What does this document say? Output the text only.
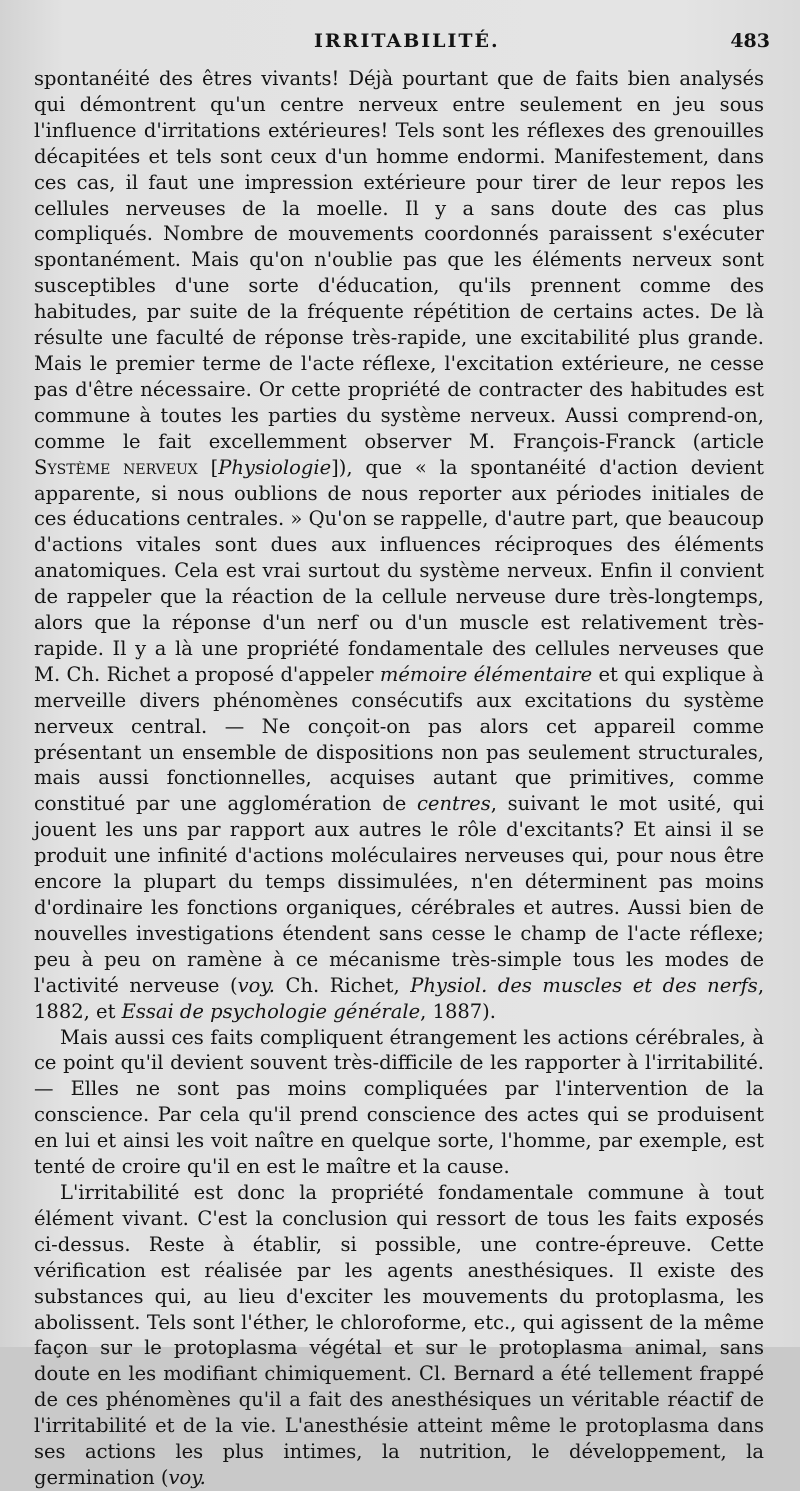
IRRITABILITÉ.	483

spontanéité des êtres vivants! Déjà pourtant que de faits bien analysés qui démontrent qu'un centre nerveux entre seulement en jeu sous l'influence d'irritations extérieures! Tels sont les réflexes des grenouilles décapitées et tels sont ceux d'un homme endormi. Manifestement, dans ces cas, il faut une impression extérieure pour tirer de leur repos les cellules nerveuses de la moelle. Il y a sans doute des cas plus compliqués. Nombre de mouvements coordonnés paraissent s'exécuter spontanément. Mais qu'on n'oublie pas que les éléments nerveux sont susceptibles d'une sorte d'éducation, qu'ils prennent comme des habitudes, par suite de la fréquente répétition de certains actes. De là résulte une faculté de réponse très-rapide, une excitabilité plus grande. Mais le premier terme de l'acte réflexe, l'excitation extérieure, ne cesse pas d'être nécessaire. Or cette propriété de contracter des habitudes est commune à toutes les parties du système nerveux. Aussi comprend-on, comme le fait excellemment observer M. François-Franck (article Système nerveux [Physiologie]), que « la spontanéité d'action devient apparente, si nous oublions de nous reporter aux périodes initiales de ces éducations centrales. » Qu'on se rappelle, d'autre part, que beaucoup d'actions vitales sont dues aux influences réciproques des éléments anatomiques. Cela est vrai surtout du système nerveux. Enfin il convient de rappeler que la réaction de la cellule nerveuse dure très-longtemps, alors que la réponse d'un nerf ou d'un muscle est relativement très-rapide. Il y a là une propriété fondamentale des cellules nerveuses que M. Ch. Richet a proposé d'appeler mémoire élémentaire et qui explique à merveille divers phénomènes consécutifs aux excitations du système nerveux central. — Ne conçoit-on pas alors cet appareil comme présentant un ensemble de dispositions non pas seulement structurales, mais aussi fonctionnelles, acquises autant que primitives, comme constitué par une agglomération de centres, suivant le mot usité, qui jouent les uns par rapport aux autres le rôle d'excitants? Et ainsi il se produit une infinité d'actions moléculaires nerveuses qui, pour nous être encore la plupart du temps dissimulées, n'en déterminent pas moins d'ordinaire les fonctions organiques, cérébrales et autres. Aussi bien de nouvelles investigations étendent sans cesse le champ de l'acte réflexe; peu à peu on ramène à ce mécanisme très-simple tous les modes de l'activité nerveuse (voy. Ch. Richet, Physiol. des muscles et des nerfs, 1882, et Essai de psychologie générale, 1887).

Mais aussi ces faits compliquent étrangement les actions cérébrales, à ce point qu'il devient souvent très-difficile de les rapporter à l'irritabilité. — Elles ne sont pas moins compliquées par l'intervention de la conscience. Par cela qu'il prend conscience des actes qui se produisent en lui et ainsi les voit naître en quelque sorte, l'homme, par exemple, est tenté de croire qu'il en est le maître et la cause.

L'irritabilité est donc la propriété fondamentale commune à tout élément vivant. C'est la conclusion qui ressort de tous les faits exposés ci-dessus. Reste à établir, si possible, une contre-épreuve. Cette vérification est réalisée par les agents anesthésiques. Il existe des substances qui, au lieu d'exciter les mouvements du protoplasma, les abolissent. Tels sont l'éther, le chloroforme, etc., qui agissent de la même façon sur le protoplasma végétal et sur le protoplasma animal, sans doute en les modifiant chimiquement. Cl. Bernard a été tellement frappé de ces phénomènes qu'il a fait des anesthésiques un véritable réactif de l'irritabilité et de la vie. L'anesthésie atteint même le protoplasma dans ses actions les plus intimes, la nutrition, le développement, la germination (voy.
